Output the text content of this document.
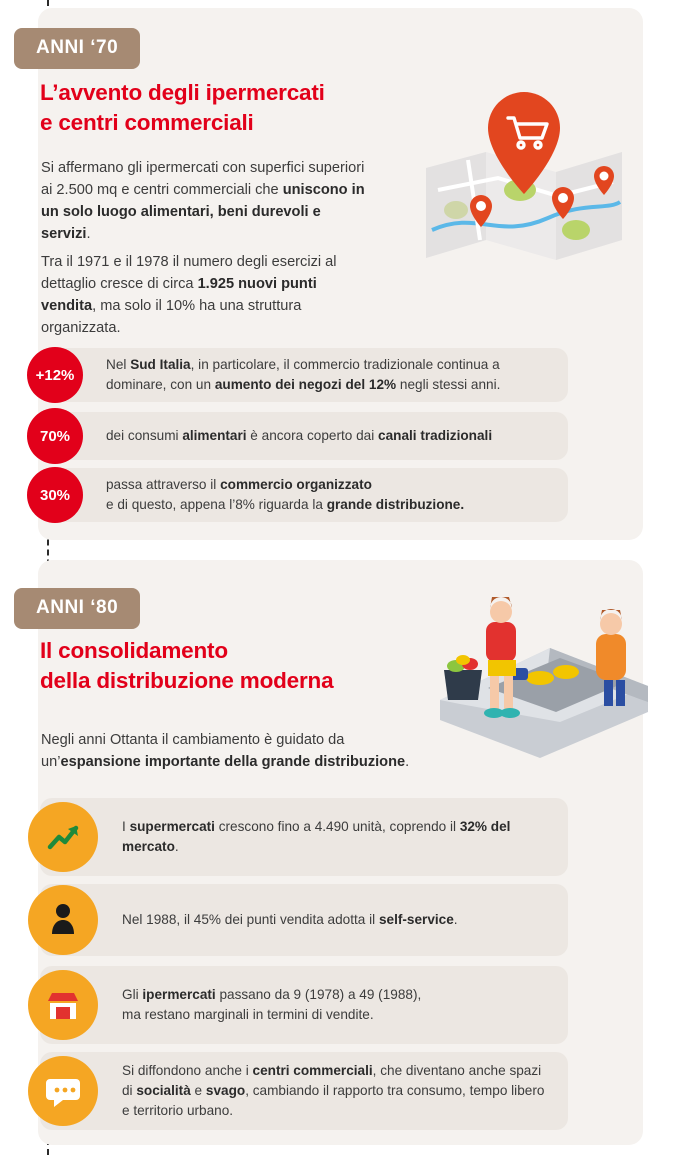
ANNI ‘70
L’avvento degli ipermercati
e centri commerciali
Si affermano gli ipermercati con superfici superiori ai 2.500 mq e centri commerciali che uniscono in un solo luogo alimentari, beni durevoli e servizi.
Tra il 1971 e il 1978 il numero degli esercizi al dettaglio cresce di circa 1.925 nuovi punti vendita, ma solo il 10% ha una struttura organizzata.
+12%
Nel Sud Italia, in particolare, il commercio tradizionale continua a dominare, con un aumento dei negozi del 12% negli stessi anni.
70%	dei consumi alimentari è ancora coperto dai canali tradizionali
30%
passa attraverso il commercio organizzato
e di questo, appena l’8% riguarda la grande distribuzione.
ANNI ‘80
Il consolidamento
della distribuzione moderna
Negli anni Ottanta il cambiamento è guidato da un’espansione importante della grande distribuzione.
I supermercati crescono fino a 4.490 unità, coprendo il 32% del mercato.
Nel 1988, il 45% dei punti vendita adotta il self-service.
Gli ipermercati passano da 9 (1978) a 49 (1988),
ma restano marginali in termini di vendite.
Si diffondono anche i centri commerciali, che diventano anche spazi di socialità e svago, cambiando il rapporto tra consumo, tempo libero e territorio urbano.
